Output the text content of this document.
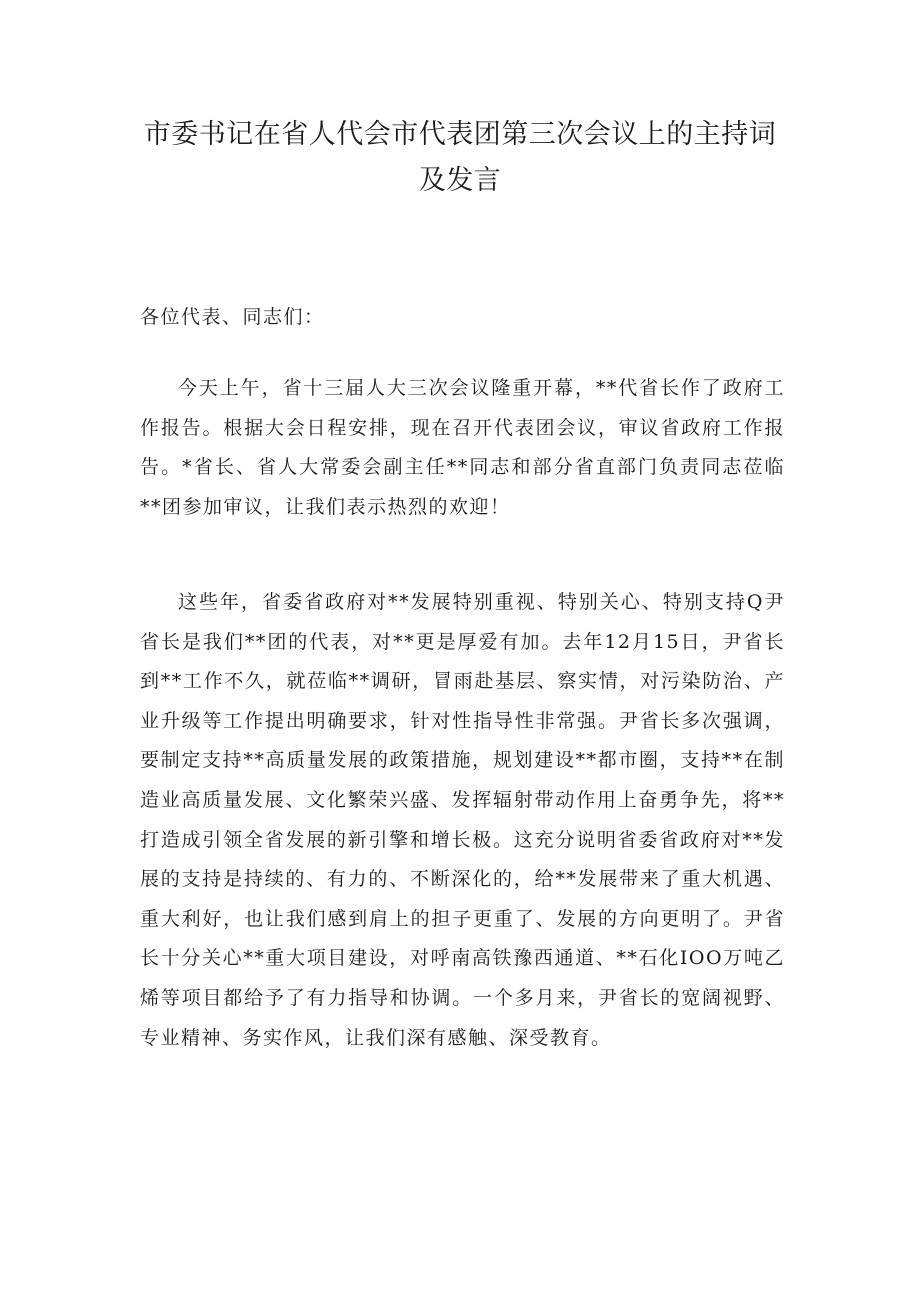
市委书记在省人代会市代表团第三次会议上的主持词
及发言
各位代表、同志们：

今天上午，省十三届人大三次会议隆重开幕，**代省长作了政府工作报告。根据大会日程安排，现在召开代表团会议，审议省政府工作报告。*省长、省人大常委会副主任**同志和部分省直部门负责同志莅临**团参加审议，让我们表示热烈的欢迎！

这些年，省委省政府对**发展特别重视、特别关心、特别支持Q尹省长是我们**团的代表，对**更是厚爱有加。去年12月15日，尹省长到**工作不久，就莅临**调研，冒雨赴基层、察实情，对污染防治、产业升级等工作提出明确要求，针对性指导性非常强。尹省长多次强调，要制定支持**高质量发展的政策措施，规划建设**都市圈，支持**在制造业高质量发展、文化繁荣兴盛、发挥辐射带动作用上奋勇争先，将**打造成引领全省发展的新引擎和增长极。这充分说明省委省政府对**发展的支持是持续的、有力的、不断深化的，给**发展带来了重大机遇、重大利好，也让我们感到肩上的担子更重了、发展的方向更明了。尹省长十分关心**重大项目建设，对呼南高铁豫西通道、**石化IOO万吨乙烯等项目都给予了有力指导和协调。一个多月来，尹省长的宽阔视野、专业精神、务实作风，让我们深有感触、深受教育。
